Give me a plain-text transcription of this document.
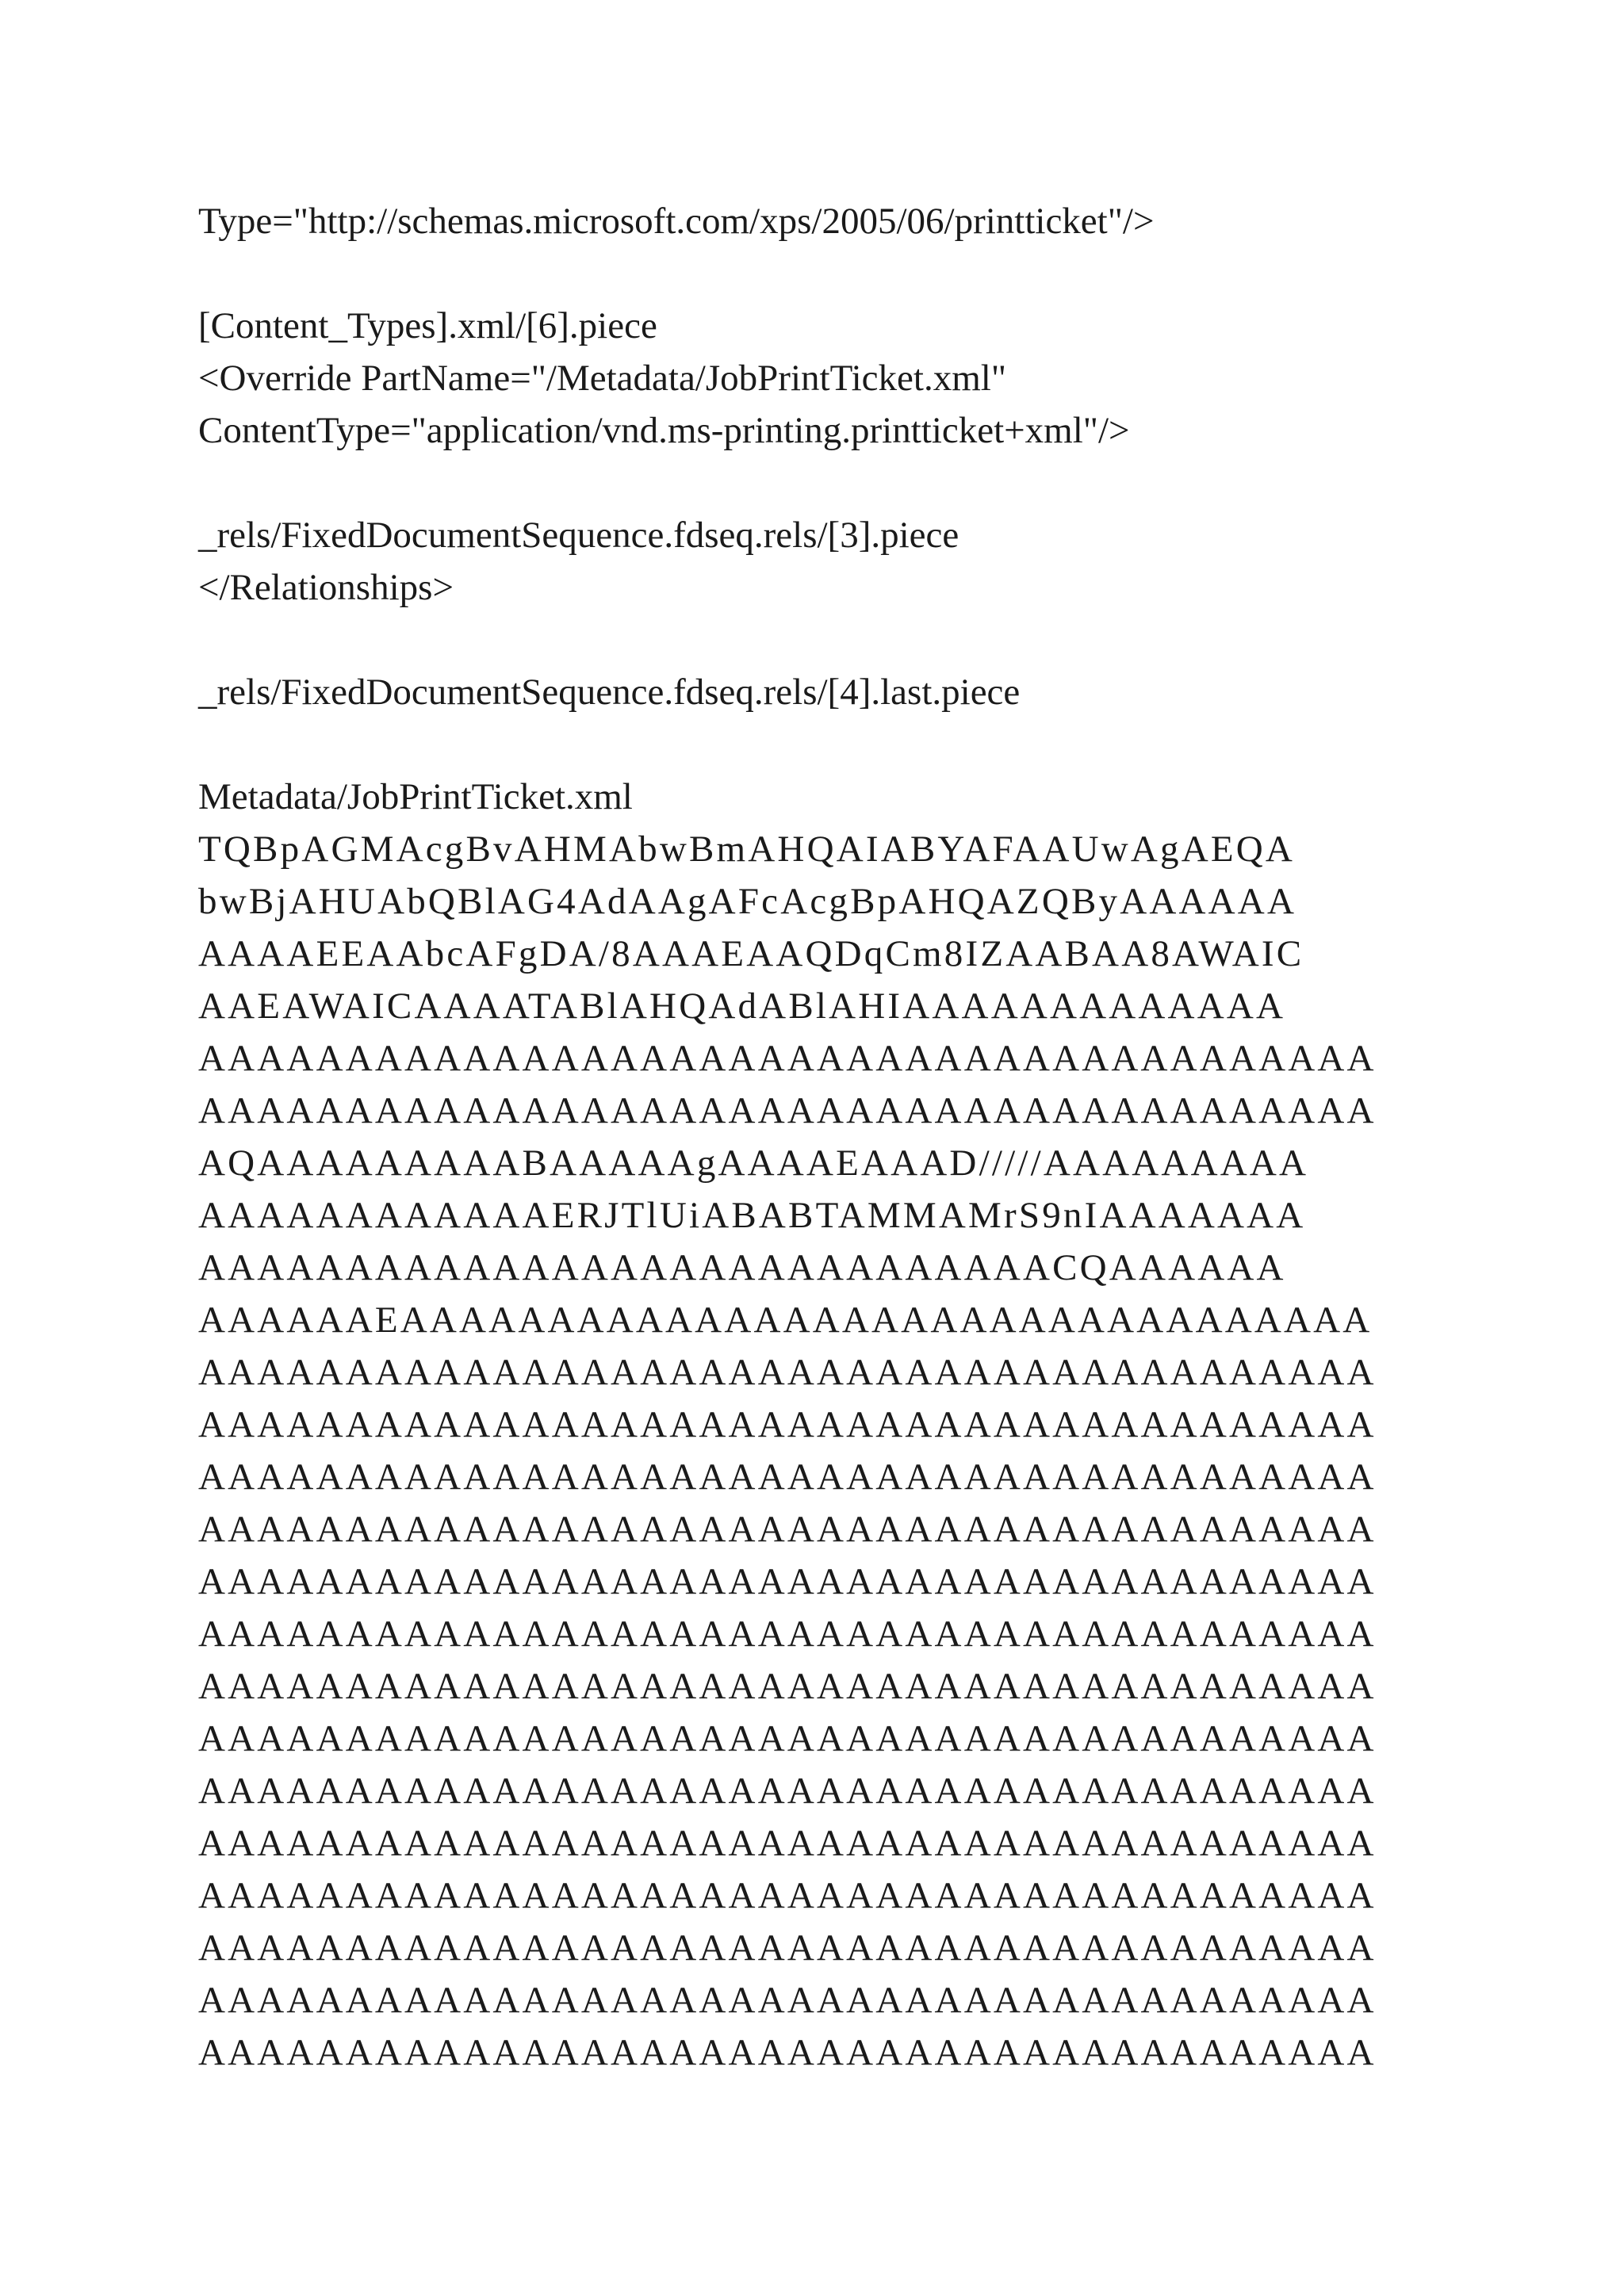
Type="http://schemas.microsoft.com/xps/2005/06/printticket"/>
[Content_Types].xml/[6].piece
<Override PartName="/Metadata/JobPrintTicket.xml"
ContentType="application/vnd.ms-printing.printticket+xml"/>
_rels/FixedDocumentSequence.fdseq.rels/[3].piece
</Relationships>
_rels/FixedDocumentSequence.fdseq.rels/[4].last.piece
Metadata/JobPrintTicket.xml
TQBpAGMAcgBvAHMAbwBmAHQAIABYAFAAUwAgAEQA
bwBjAHUAbQBlAG4AdAAgAFcAcgBpAHQAZQByAAAAAA
AAAAEEAAbcAFgDA/8AAAEAAQDqCm8IZAABAA8AWAIC
AAEAWAICAAAATABlAHQAdABlAHIAAAAAAAAAAAAA
AAAAAAAAAAAAAAAAAAAAAAAAAAAAAAAAAAAAAAAA
AAAAAAAAAAAAAAAAAAAAAAAAAAAAAAAAAAAAAAAA
AQAAAAAAAAABAAAAAgAAAAEAAAD/////AAAAAAAAA
AAAAAAAAAAAAERJTlUiABABTAMMAMrS9nIAAAAAAA
AAAAAAAAAAAAAAAAAAAAAAAAAAAAACQAAAAAA
AAAAAAEAAAAAAAAAAAAAAAAAAAAAAAAAAAAAAAAA
AAAAAAAAAAAAAAAAAAAAAAAAAAAAAAAAAAAAAAAA
AAAAAAAAAAAAAAAAAAAAAAAAAAAAAAAAAAAAAAAA
AAAAAAAAAAAAAAAAAAAAAAAAAAAAAAAAAAAAAAAA
AAAAAAAAAAAAAAAAAAAAAAAAAAAAAAAAAAAAAAAA
AAAAAAAAAAAAAAAAAAAAAAAAAAAAAAAAAAAAAAAA
AAAAAAAAAAAAAAAAAAAAAAAAAAAAAAAAAAAAAAAA
AAAAAAAAAAAAAAAAAAAAAAAAAAAAAAAAAAAAAAAA
AAAAAAAAAAAAAAAAAAAAAAAAAAAAAAAAAAAAAAAA
AAAAAAAAAAAAAAAAAAAAAAAAAAAAAAAAAAAAAAAA
AAAAAAAAAAAAAAAAAAAAAAAAAAAAAAAAAAAAAAAA
AAAAAAAAAAAAAAAAAAAAAAAAAAAAAAAAAAAAAAAA
AAAAAAAAAAAAAAAAAAAAAAAAAAAAAAAAAAAAAAAA
AAAAAAAAAAAAAAAAAAAAAAAAAAAAAAAAAAAAAAAA
AAAAAAAAAAAAAAAAAAAAAAAAAAAAAAAAAAAAAAAA
